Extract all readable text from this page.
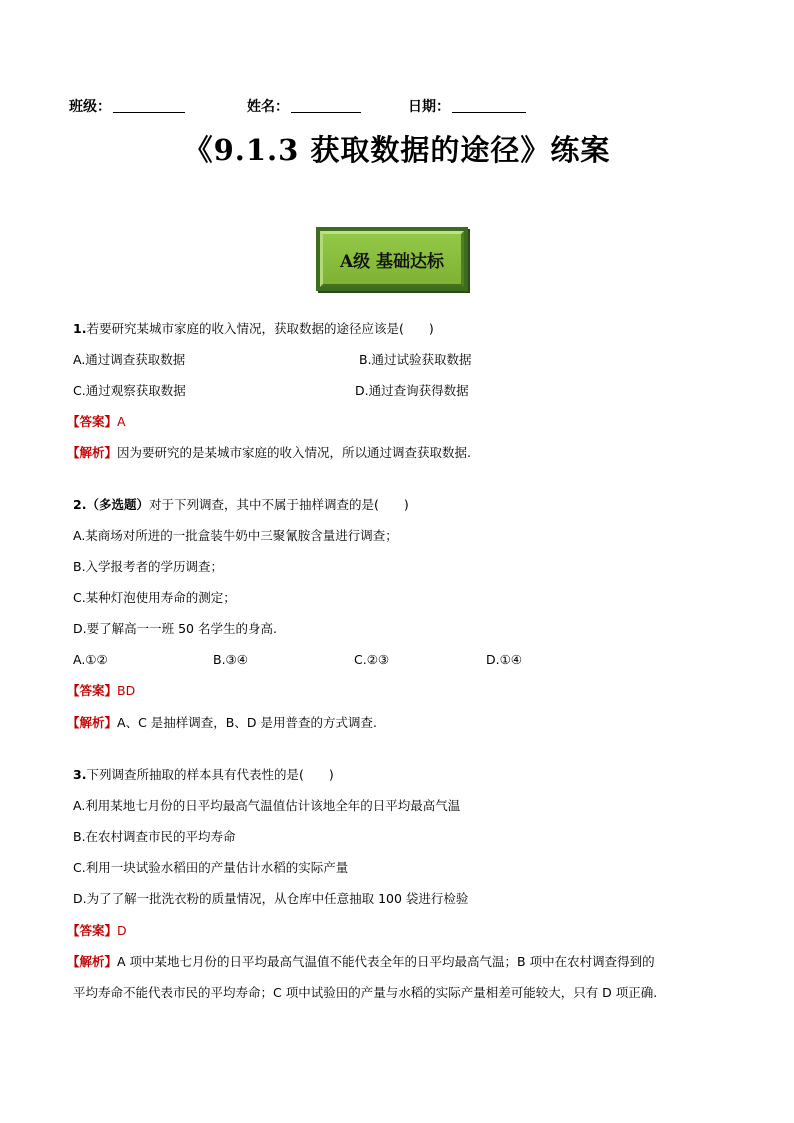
班级：	姓名：	日期：
《9.1.3 获取数据的途径》练案
A级 基础达标
1.若要研究某城市家庭的收入情况，获取数据的途径应该是(　　)
A.通过调查获取数据	B.通过试验获取数据
C.通过观察获取数据	D.通过查询获得数据
【答案】A
【解析】因为要研究的是某城市家庭的收入情况，所以通过调查获取数据.
2.（多选题）对于下列调查，其中不属于抽样调查的是(　　)
A.某商场对所进的一批盒装牛奶中三聚氰胺含量进行调查；
B.入学报考者的学历调查；
C.某种灯泡使用寿命的测定；
D.要了解高一一班 50 名学生的身高.
A.①②	B.③④	C.②③	D.①④
【答案】BD
【解析】A、C 是抽样调查，B、D 是用普查的方式调查.
3.下列调查所抽取的样本具有代表性的是(　　)
A.利用某地七月份的日平均最高气温值估计该地全年的日平均最高气温
B.在农村调查市民的平均寿命
C.利用一块试验水稻田的产量估计水稻的实际产量
D.为了了解一批洗衣粉的质量情况，从仓库中任意抽取 100 袋进行检验
【答案】D
【解析】A 项中某地七月份的日平均最高气温值不能代表全年的日平均最高气温；B 项中在农村调查得到的
平均寿命不能代表市民的平均寿命；C 项中试验田的产量与水稻的实际产量相差可能较大，只有 D 项正确.
